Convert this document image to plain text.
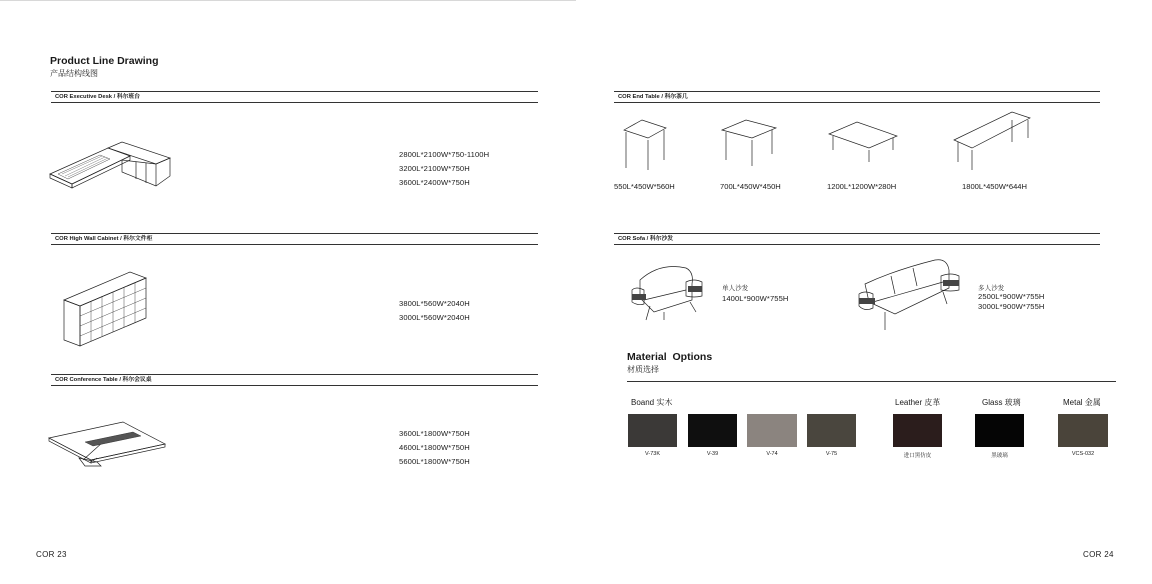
Product Line Drawing
产品结构线图
COR Executive Desk / 科尔班台
2800L*2100W*750-1100H
3200L*2100W*750H
3600L*2400W*750H
COR High Wall Cabinet / 科尔文件柜
3800L*560W*2040H
3000L*560W*2040H
COR Conference Table / 科尔会议桌
3600L*1800W*750H
4600L*1800W*750H
5600L*1800W*750H
COR 23
COR End Table / 科尔茶几
550L*450W*560H	700L*450W*450H	1200L*1200W*280H	1800L*450W*644H
COR Sofa / 科尔沙发
单人沙发
1400L*900W*755H
多人沙发
2500L*900W*755H
3000L*900W*755H
Material  Options
材质选择
Boand 实木	Leather 皮革	Glass 玻璃	Metal 金属
V-73K	V-39	V-74	V-75	进口黑仿皮	黑玻璃	VCS-032
COR 24
